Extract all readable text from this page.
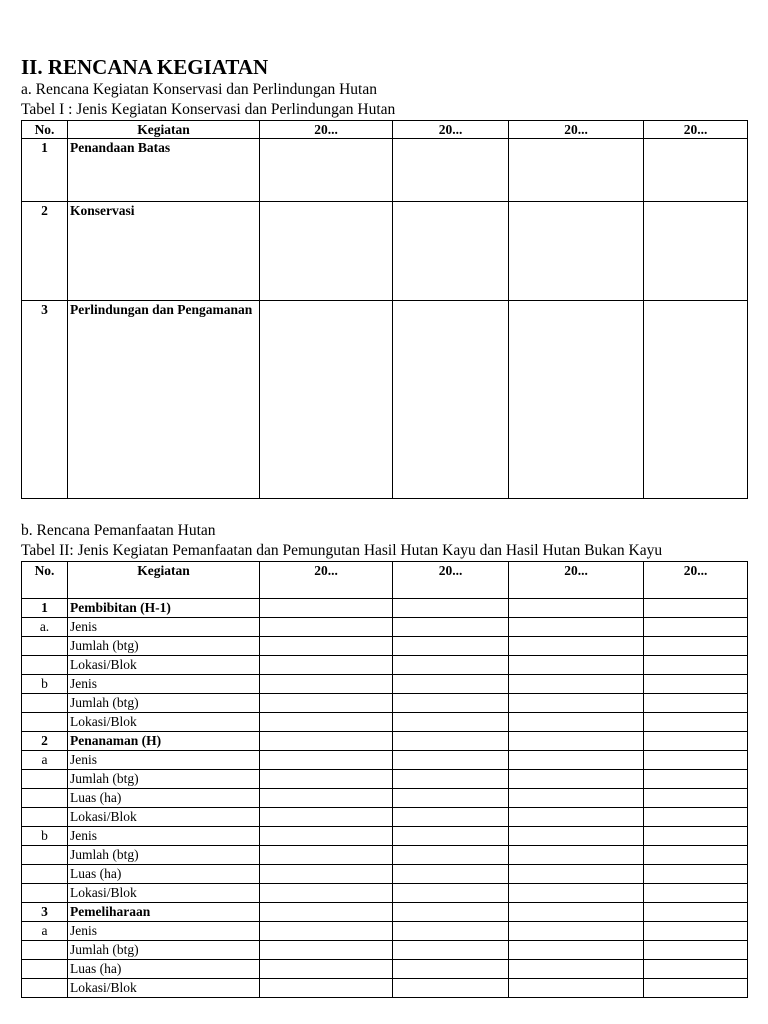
II. RENCANA KEGIATAN
a. Rencana Kegiatan Konservasi dan Perlindungan Hutan
Tabel I : Jenis Kegiatan Konservasi dan Perlindungan Hutan
No.	Kegiatan	20...	20...	20...	20...
1	Penandaan Batas				
2	Konservasi				
3	Perlindungan dan Pengamanan				
b. Rencana Pemanfaatan Hutan
Tabel II: Jenis Kegiatan Pemanfaatan dan Pemungutan Hasil Hutan Kayu dan Hasil Hutan Bukan Kayu
No.	Kegiatan	20...	20...	20...	20...
1	Pembibitan (H-1)				
a.	Jenis				
	Jumlah (btg)				
	Lokasi/Blok				
b	Jenis				
	Jumlah (btg)				
	Lokasi/Blok				
2	Penanaman (H)				
a	Jenis				
	Jumlah (btg)				
	Luas (ha)				
	Lokasi/Blok				
b	Jenis				
	Jumlah (btg)				
	Luas (ha)				
	Lokasi/Blok				
3	Pemeliharaan				
a	Jenis				
	Jumlah (btg)				
	Luas (ha)				
	Lokasi/Blok				
